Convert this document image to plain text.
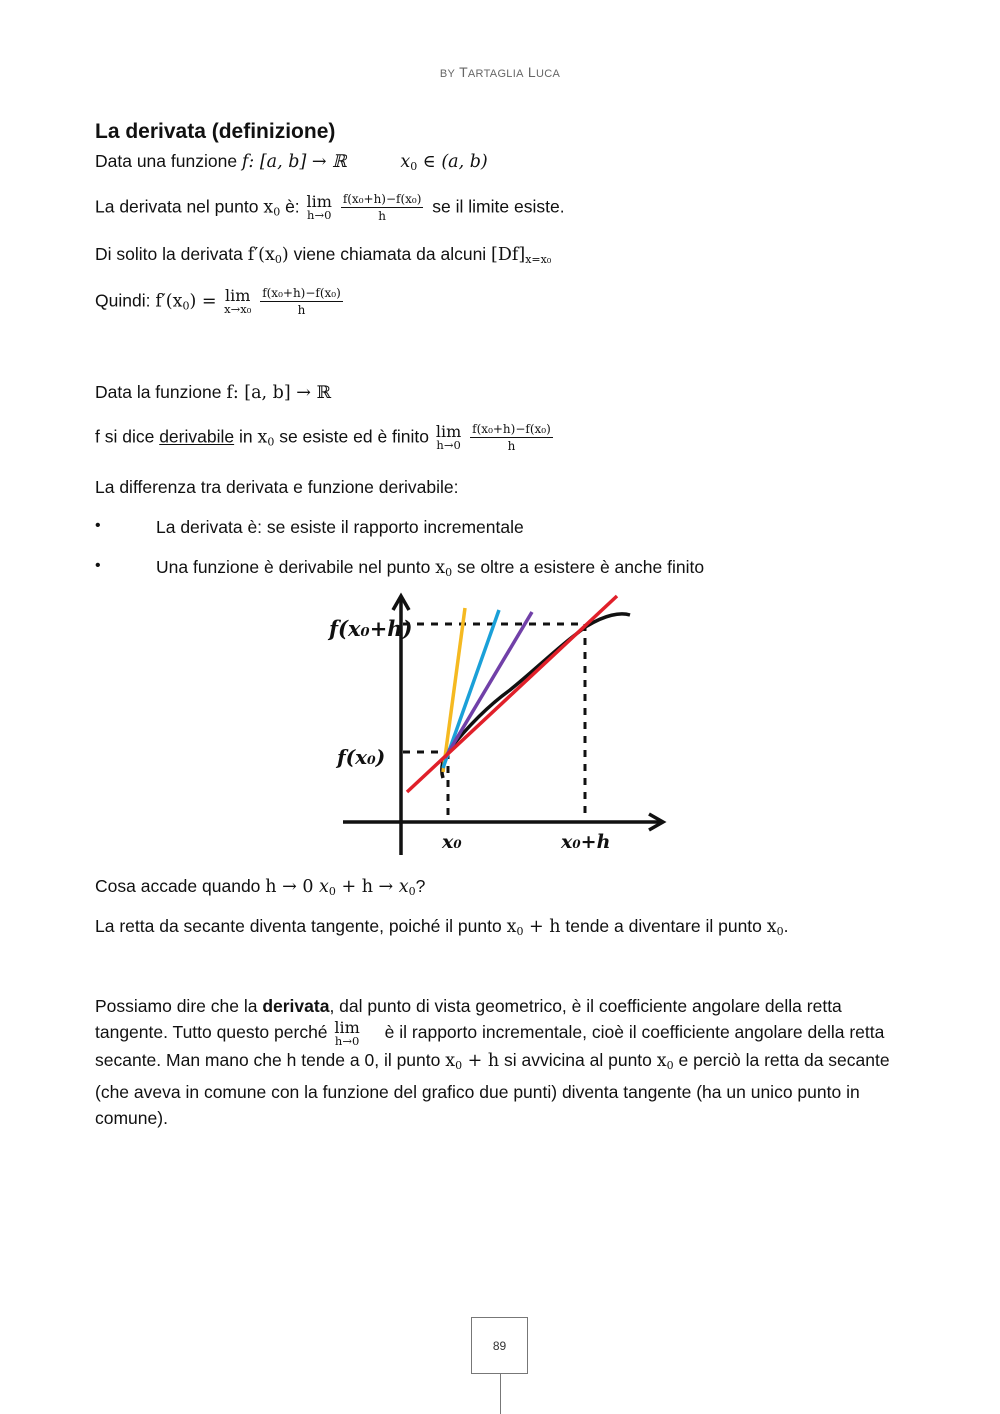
BY TARTAGLIA LUCA
La derivata (definizione)
Data una funzione f: [a, b] → ℝ	$x_0$ ∈ (a, b)
La derivata nel punto $x_0$ è: lim
h→0
$\frac{\text{f(x₀+h)−f(x₀)}}{h}$ se il limite esiste.
Di solito la derivata $f'(x_0)$ viene chiamata da alcuni $[Df]_{x=x_0}$
Quindi: $f'(x_0) = \lim$
x→x₀
$\frac{\text{f(x₀+h)−f(x₀)}}{h}$
Data la funzione f: [a, b] → ℝ
f si dice derivabile in $x_0$ se esiste ed è finito lim
h→0
$\frac{\text{f(x₀+h)−f(x₀)}}{h}$
La differenza tra derivata e funzione derivabile:
•	La derivata è: se esiste il rapporto incrementale
•	Una funzione è derivabile nel punto $x_0$ se oltre a esistere è anche finito
Cosa accade quando h → 0 $x_0 + h \to x_0$?
La retta da secante diventa tangente, poiché il punto $x_0 + h$ tende a diventare il punto $x_0$.
Possiamo dire che la derivata, dal punto di vista geometrico, è il coefficiente angolare della retta tangente. Tutto questo perché lim
h→0 è il rapporto incrementale, cioè il coefficiente angolare della retta secante. Man mano che h tende a 0, il punto $x_0 + h$ si avvicina al punto $x_0$ e perciò la retta da secante (che aveva in comune con la funzione del grafico due punti) diventa tangente (ha un unico punto in comune).
f(x₀+h)
f(x₀)
x₀	x₀+h
89
